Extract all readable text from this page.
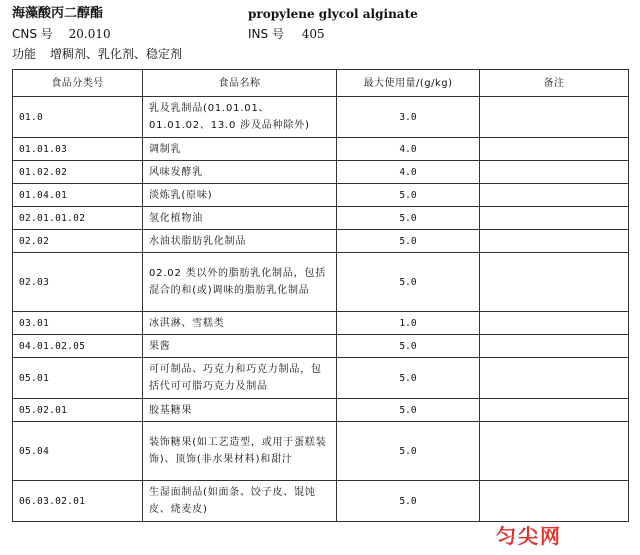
海藻酸丙二醇酯	propylene glycol alginate
CNS 号 20.010	INS 号 405
功能 增稠剂、乳化剂、稳定剂
食品分类号	食品名称	最大使用量/(g/kg)	备注
01.0	乳及乳制品(01.01.01、01.01.02、13.0 涉及品种除外)	3.0	
01.01.03	调制乳	4.0	
01.02.02	风味发酵乳	4.0	
01.04.01	淡炼乳(原味)	5.0	
02.01.01.02	氢化植物油	5.0	
02.02	水油状脂肪乳化制品	5.0	
02.03	02.02 类以外的脂肪乳化制品，包括混合的和(或)调味的脂肪乳化制品	5.0	
03.01	冰淇淋、雪糕类	1.0	
04.01.02.05	果酱	5.0	
05.01	可可制品、巧克力和巧克力制品，包括代可可脂巧克力及制品	5.0	
05.02.01	胶基糖果	5.0	
05.04	装饰糖果(如工艺造型，或用于蛋糕装饰)、顶饰(非水果材料)和甜汁	5.0	
06.03.02.01	生湿面制品(如面条、饺子皮、馄饨皮、烧麦皮)	5.0	
匀尖网
